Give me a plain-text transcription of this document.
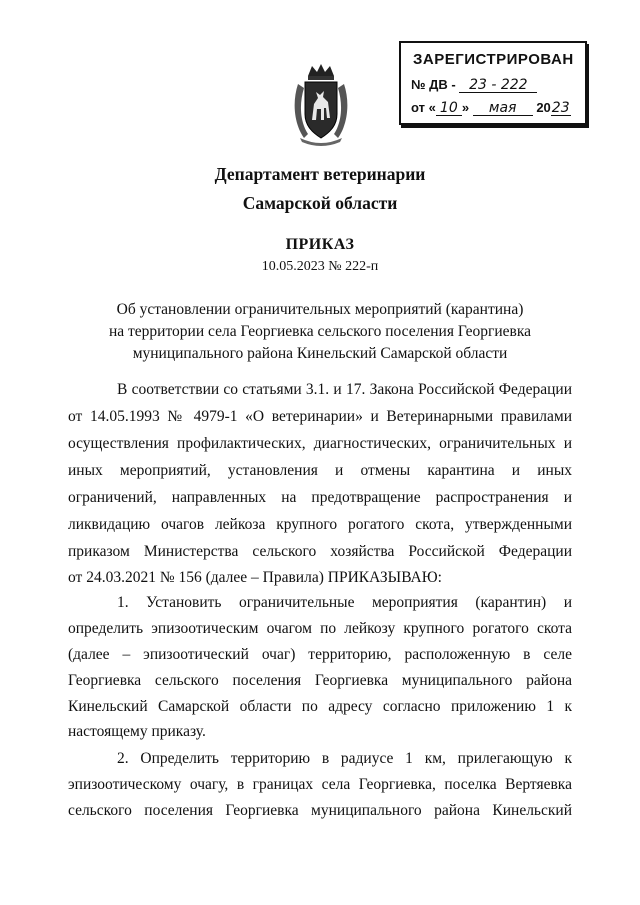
ЗАРЕГИСТРИРОВАН
№ ДВ - 23 - 222
от « 10 » мая 2023
Департамент ветеринарии
Самарской области
ПРИКАЗ
10.05.2023 № 222-п
Об установлении ограничительных мероприятий (карантина)
на территории села Георгиевка сельского поселения Георгиевка
муниципального района Кинельский Самарской области
В соответствии со статьями 3.1. и 17. Закона Российской Федерации
от 14.05.1993 № 4979-1 «О ветеринарии» и Ветеринарными правилами
осуществления профилактических, диагностических, ограничительных и
иных мероприятий, установления и отмены карантина и иных
ограничений, направленных на предотвращение распространения и
ликвидацию очагов лейкоза крупного рогатого скота, утвержденными
приказом Министерства сельского хозяйства Российской Федерации
от 24.03.2021 № 156 (далее – Правила) ПРИКАЗЫВАЮ:
1. Установить ограничительные мероприятия (карантин) и
определить эпизоотическим очагом по лейкозу крупного рогатого скота
(далее – эпизоотический очаг) территорию, расположенную в селе
Георгиевка сельского поселения Георгиевка муниципального района
Кинельский Самарской области по адресу согласно приложению 1 к
настоящему приказу.
2. Определить территорию в радиусе 1 км, прилегающую к
эпизоотическому очагу, в границах села Георгиевка, поселка Вертяевка
сельского поселения Георгиевка муниципального района Кинельский
